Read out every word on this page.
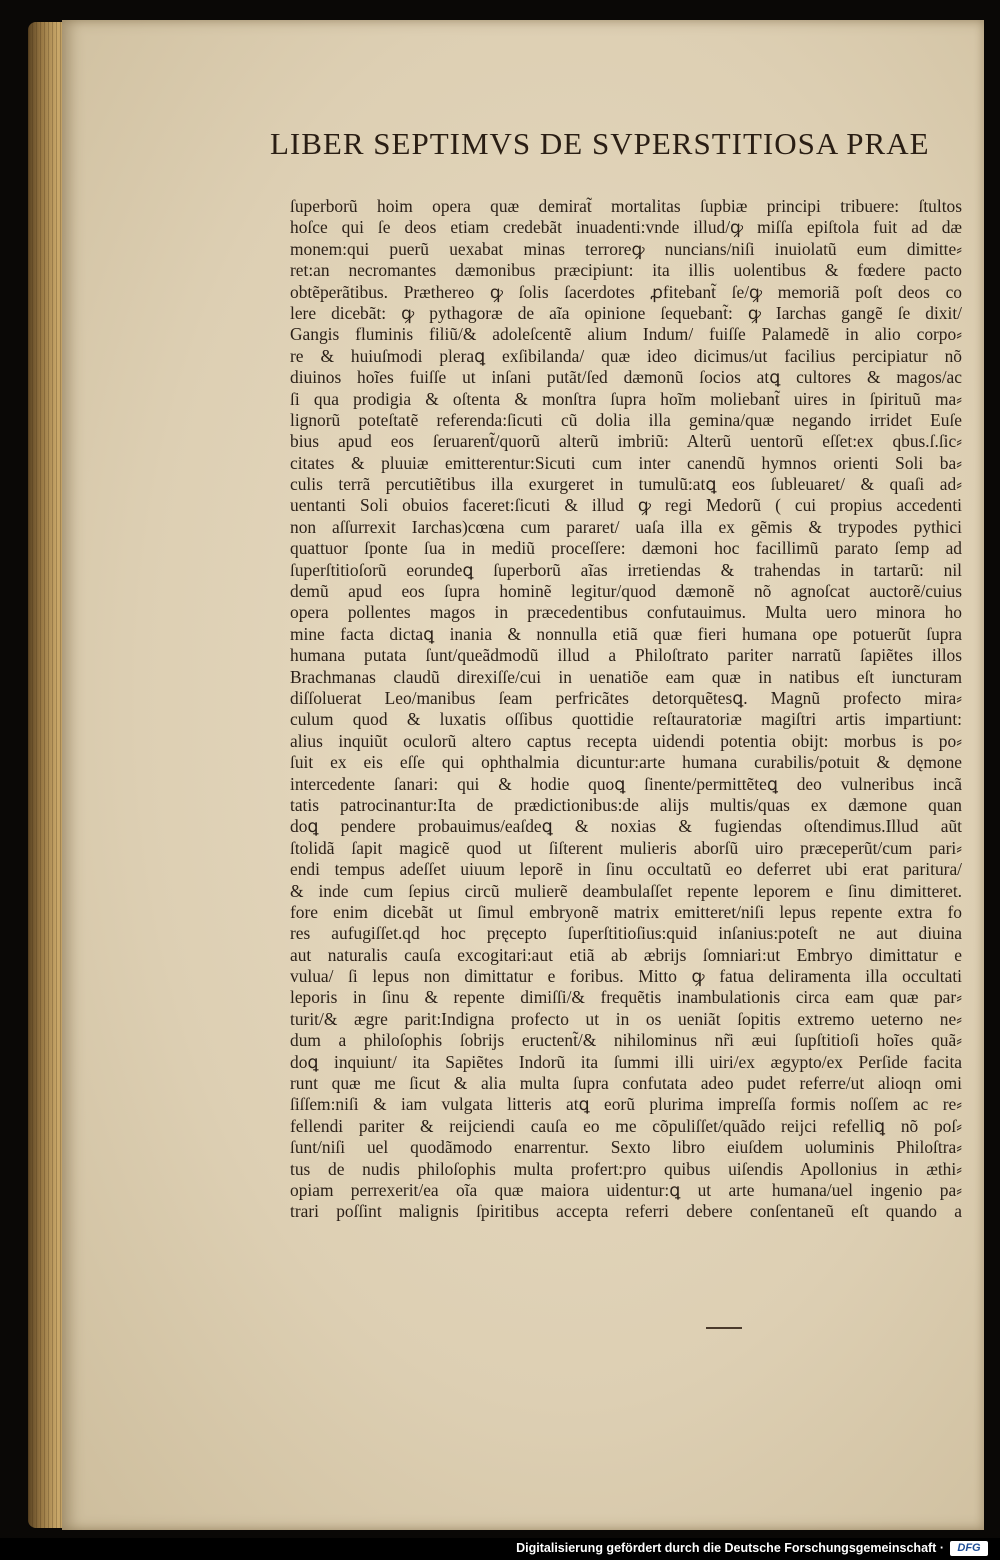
LIBER SEPTIMVS DE SVPERSTITIOSA PRAE
ſuperborũ hoim opera quæ demirat̃ mortalitas ſupbiæ principi tribuere: ſtultos
hoſce qui ſe deos etiam credebãt inuadenti:vnde illud/ꝙ miſſa epiſtola fuit ad dæ
monem:qui puerũ uexabat minas terroreꝙ nuncians/niſi inuiolatũ eum dimitte⸗
ret:an necromantes dæmonibus præcipiunt: ita illis uolentibus & fœdere pacto
obtẽperãtibus. Præthereo ꝙ ſolis ſacerdotes ꝓfitebant̃ ſe/ꝙ memoriã poſt deos co
lere dicebãt: ꝙ pythagoræ de aĩa opinione ſequebant̃: ꝙ Iarchas gangẽ ſe dixit/
Gangis fluminis filiũ/& adoleſcentẽ alium Indum/ fuiſſe Palamedẽ in alio corpo⸗
re & huiuſmodi pleraꝗ exſibilanda/ quæ ideo dicimus/ut facilius percipiatur nõ
diuinos hoĩes fuiſſe ut inſani putãt/ſed dæmonũ ſocios atꝗ cultores & magos/ac
ſi qua prodigia & oſtenta & monſtra ſupra hoĩm moliebant̃ uires in ſpirituũ ma⸗
lignorũ poteſtatẽ referenda:ſicuti cũ dolia illa gemina/quæ negando irridet Euſe
bius apud eos ſeruarent̃/quorũ alterũ imbriũ: Alterũ uentorũ eſſet:ex qbus.ſ.ſic⸗
citates & pluuiæ emitterentur:Sicuti cum inter canendũ hymnos orienti Soli ba⸗
culis terrã percutiẽtibus illa exurgeret in tumulũ:atꝗ eos ſubleuaret/ & quaſi ad⸗
uentanti Soli obuios faceret:ſicuti & illud ꝙ regi Medorũ ( cui propius accedenti
non aſſurrexit Iarchas)cœna cum pararet/ uaſa illa ex gẽmis & trypodes pythici
quattuor ſponte ſua in mediũ proceſſere: dæmoni hoc facillimũ parato ſemp ad
ſuperſtitioſorũ eorundeꝗ ſuperborũ aĩas irretiendas & trahendas in tartarũ: nil
demũ apud eos ſupra hominẽ legitur/quod dæmonẽ nõ agnoſcat auctorẽ/cuius
opera pollentes magos in præcedentibus confutauimus. Multa uero minora ho
mine facta dictaꝗ inania & nonnulla etiã quæ fieri humana ope potuerũt ſupra
humana putata ſunt/queãdmodũ illud a Philoſtrato pariter narratũ ſapiẽtes illos
Brachmanas claudũ direxiſſe/cui in uenatiõe eam quæ in natibus eſt iuncturam
diſſoluerat Leo/manibus ſeam perfricãtes detorquẽtesꝗ. Magnũ profecto mira⸗
culum quod & luxatis oſſibus quottidie reſtauratoriæ magiſtri artis impartiunt:
alius inquiũt oculorũ altero captus recepta uidendi potentia obijt: morbus is po⸗
ſuit ex eis eſſe qui ophthalmia dicuntur:arte humana curabilis/potuit & dęmone
intercedente ſanari: qui & hodie quoꝗ ſinente/permittẽteꝗ deo vulneribus incã
tatis patrocinantur:Ita de prædictionibus:de alijs multis/quas ex dæmone quan
doꝗ pendere probauimus/eaſdeꝗ & noxias & fugiendas oſtendimus.Illud aũt
ſtolidã ſapit magicẽ quod ut ſiſterent mulieris aborſũ uiro præceperũt/cum pari⸗
endi tempus adeſſet uiuum leporẽ in ſinu occultatũ eo deferret ubi erat paritura/
& inde cum ſepius circũ mulierẽ deambulaſſet repente leporem e ſinu dimitteret.
fore enim dicebãt ut ſimul embryonẽ matrix emitteret/niſi lepus repente extra fo
res aufugiſſet.qd hoc pręcepto ſuperſtitioſius:quid inſanius:poteſt ne aut diuina
aut naturalis cauſa excogitari:aut etiã ab æbrijs ſomniari:ut Embryo dimittatur e
vulua/ ſi lepus non dimittatur e foribus. Mitto ꝙ fatua deliramenta illa occultati
leporis in ſinu & repente dimiſſi/& frequẽtis inambulationis circa eam quæ par⸗
turit/& ægre parit:Indigna profecto ut in os ueniãt ſopitis extremo ueterno ne⸗
dum a philoſophis ſobrijs eructent̃/& nihilominus nr̃i æui ſupſtitioſi hoĩes quã⸗
doꝗ inquiunt/ ita Sapiẽtes Indorũ ita ſummi illi uiri/ex ægypto/ex Perſide facita
runt quæ me ſicut & alia multa ſupra confutata adeo pudet referre/ut alioqn omi
ſiſſem:niſi & iam vulgata litteris atꝗ eorũ plurima impreſſa formis noſſem ac re⸗
fellendi pariter & reijciendi cauſa eo me cõpuliſſet/quãdo reijci refelliꝗ nõ poſ⸗
ſunt/niſi uel quodãmodo enarrentur. Sexto libro eiuſdem uoluminis Philoſtra⸗
tus de nudis philoſophis multa profert:pro quibus uiſendis Apollonius in æthi⸗
opiam perrexerit/ea oĩa quæ maiora uidentur:ꝗ ut arte humana/uel ingenio pa⸗
trari poſſint malignis ſpiritibus accepta referri debere conſentaneũ eſt quando a
Digitalisierung gefördert durch die Deutsche Forschungsgemeinschaft ·	DFG
